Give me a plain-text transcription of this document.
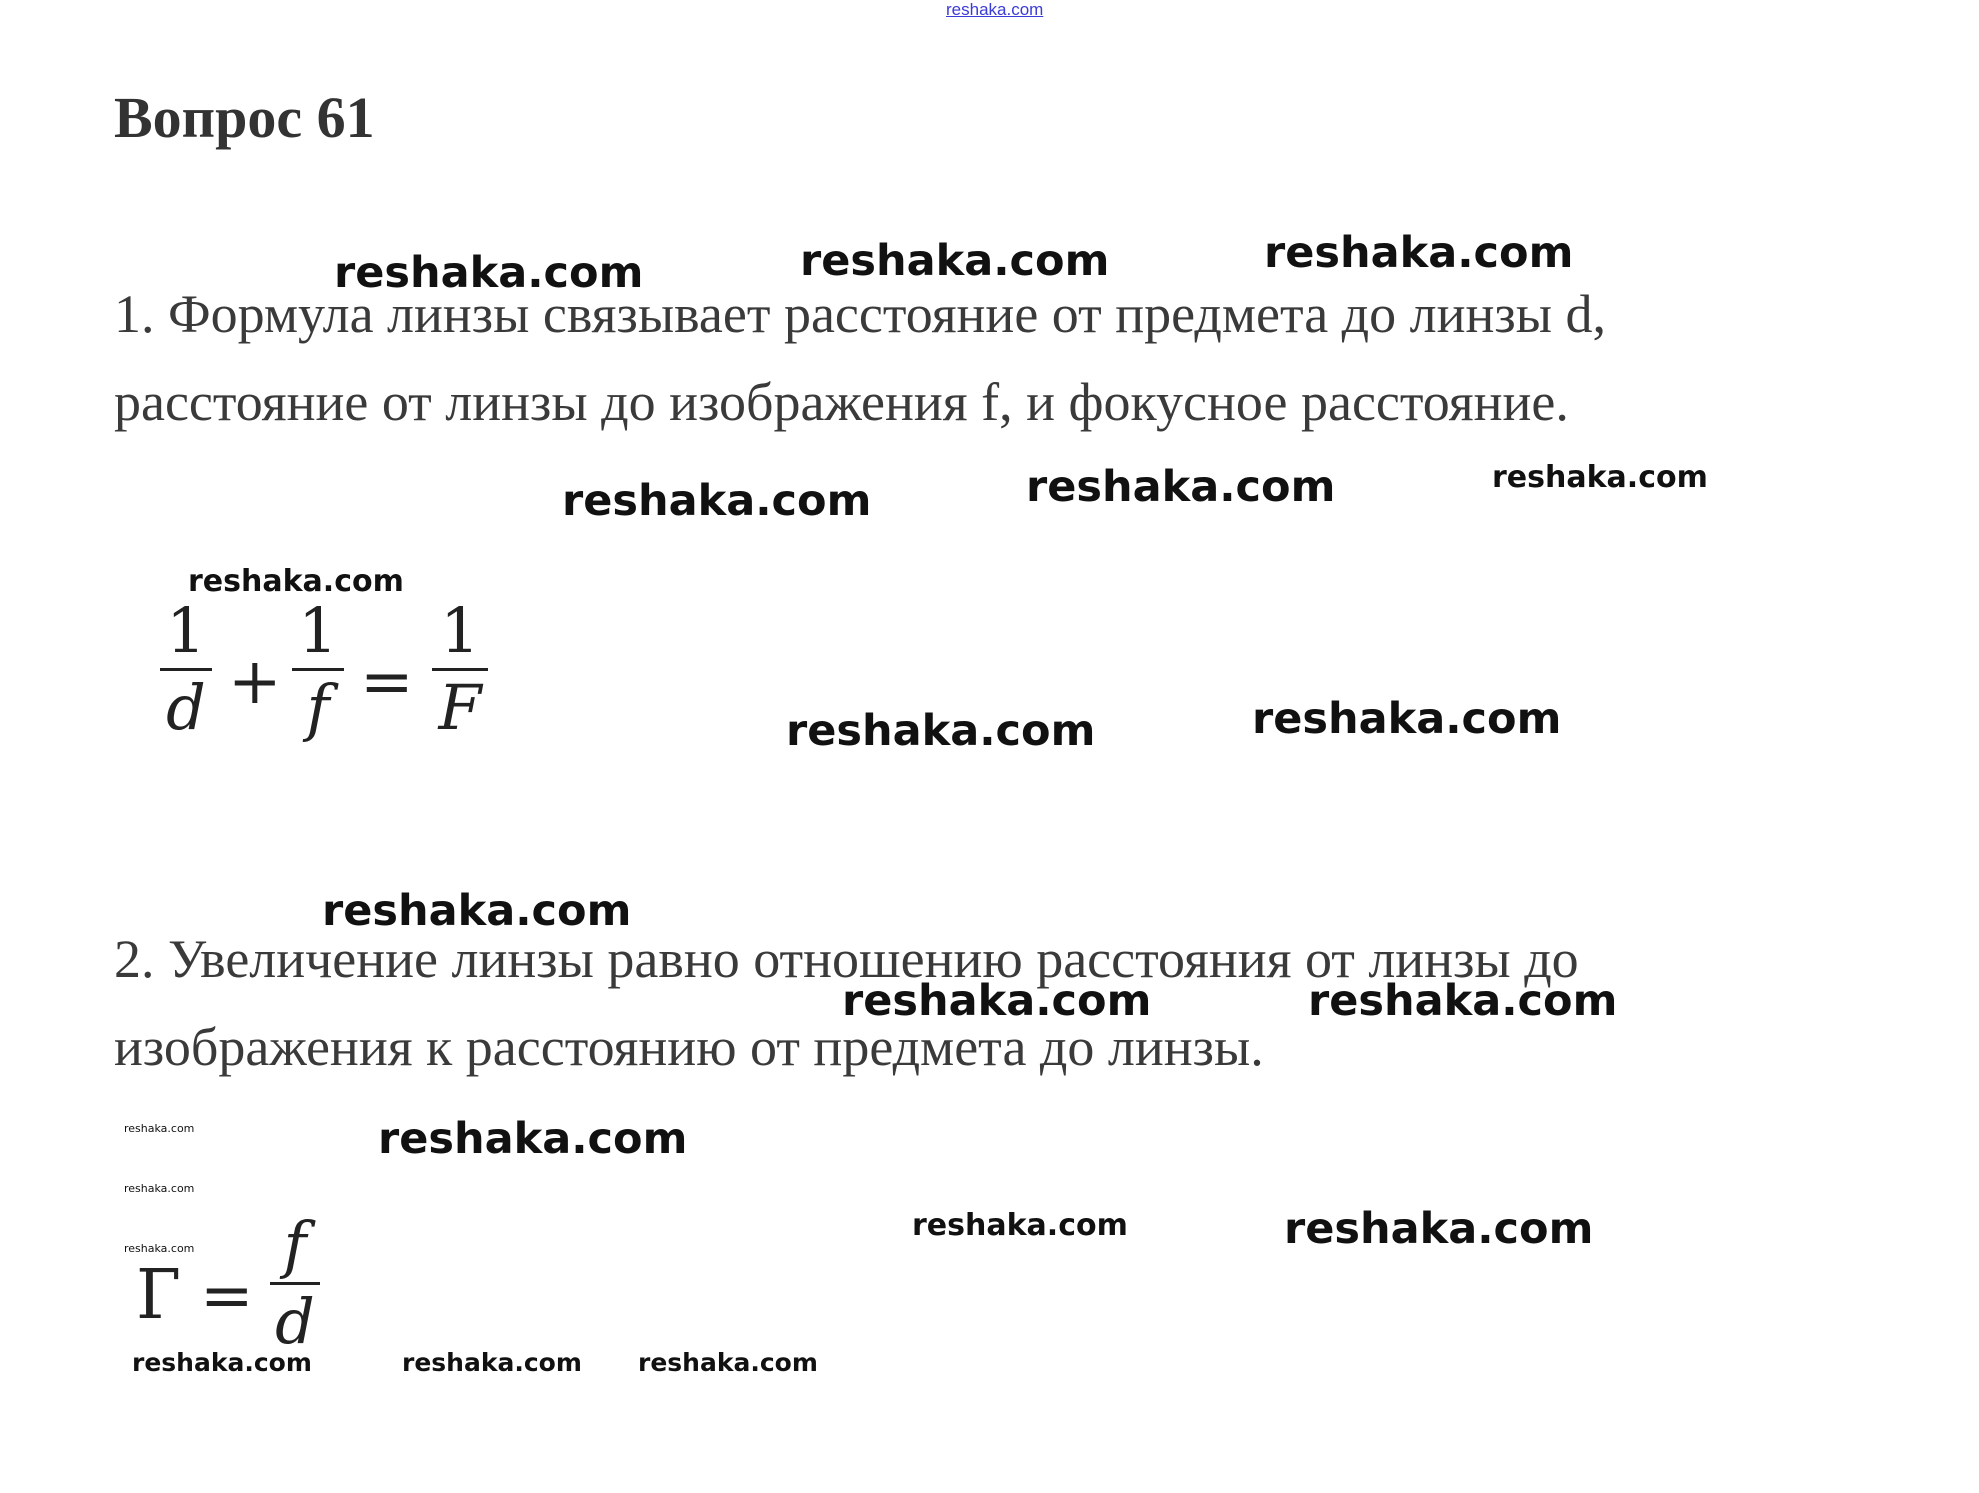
reshaka.com
Вопрос 61
1. Формула линзы связывает расстояние от предмета до линзы d, расстояние от линзы до изображения f, и фокусное расстояние.
1
d +
1
f =
1
F
2. Увеличение линзы равно отношению расстояния от линзы до изображения к расстоянию от предмета до линзы.
Г =
f
d
reshaka.com	reshaka.com	reshaka.com
reshaka.com	reshaka.com	reshaka.com
reshaka.com
reshaka.com	reshaka.com
reshaka.com
reshaka.com	reshaka.com
reshaka.com
reshaka.com	reshaka.com
reshaka.com
reshaka.com
reshaka.com
reshaka.com	reshaka.com reshaka.com
